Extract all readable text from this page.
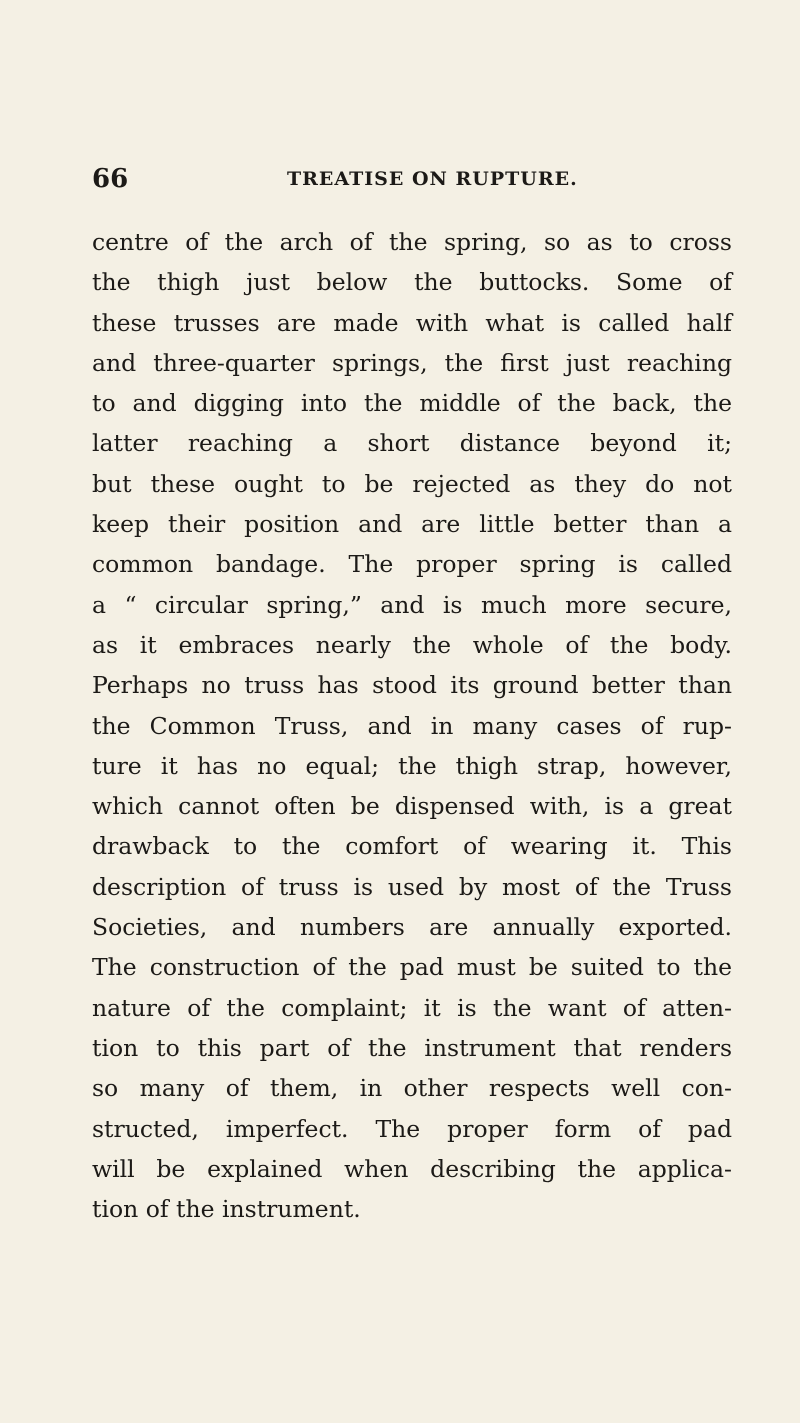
66	TREATISE ON RUPTURE.
centre of the arch of the spring, so as to cross
the thigh just below the buttocks. Some of
these trusses are made with what is called half
and three-quarter springs, the first just reaching
to and digging into the middle of the back, the
latter reaching a short distance beyond it;
but these ought to be rejected as they do not
keep their position and are little better than a
common bandage. The proper spring is called
a “ circular spring,” and is much more secure,
as it embraces nearly the whole of the body.
Perhaps no truss has stood its ground better than
the Common Truss, and in many cases of rup-
ture it has no equal; the thigh strap, however,
which cannot often be dispensed with, is a great
drawback to the comfort of wearing it. This
description of truss is used by most of the Truss
Societies, and numbers are annually exported.
The construction of the pad must be suited to the
nature of the complaint; it is the want of atten-
tion to this part of the instrument that renders
so many of them, in other respects well con-
structed, imperfect. The proper form of pad
will be explained when describing the applica-
tion of the instrument.
